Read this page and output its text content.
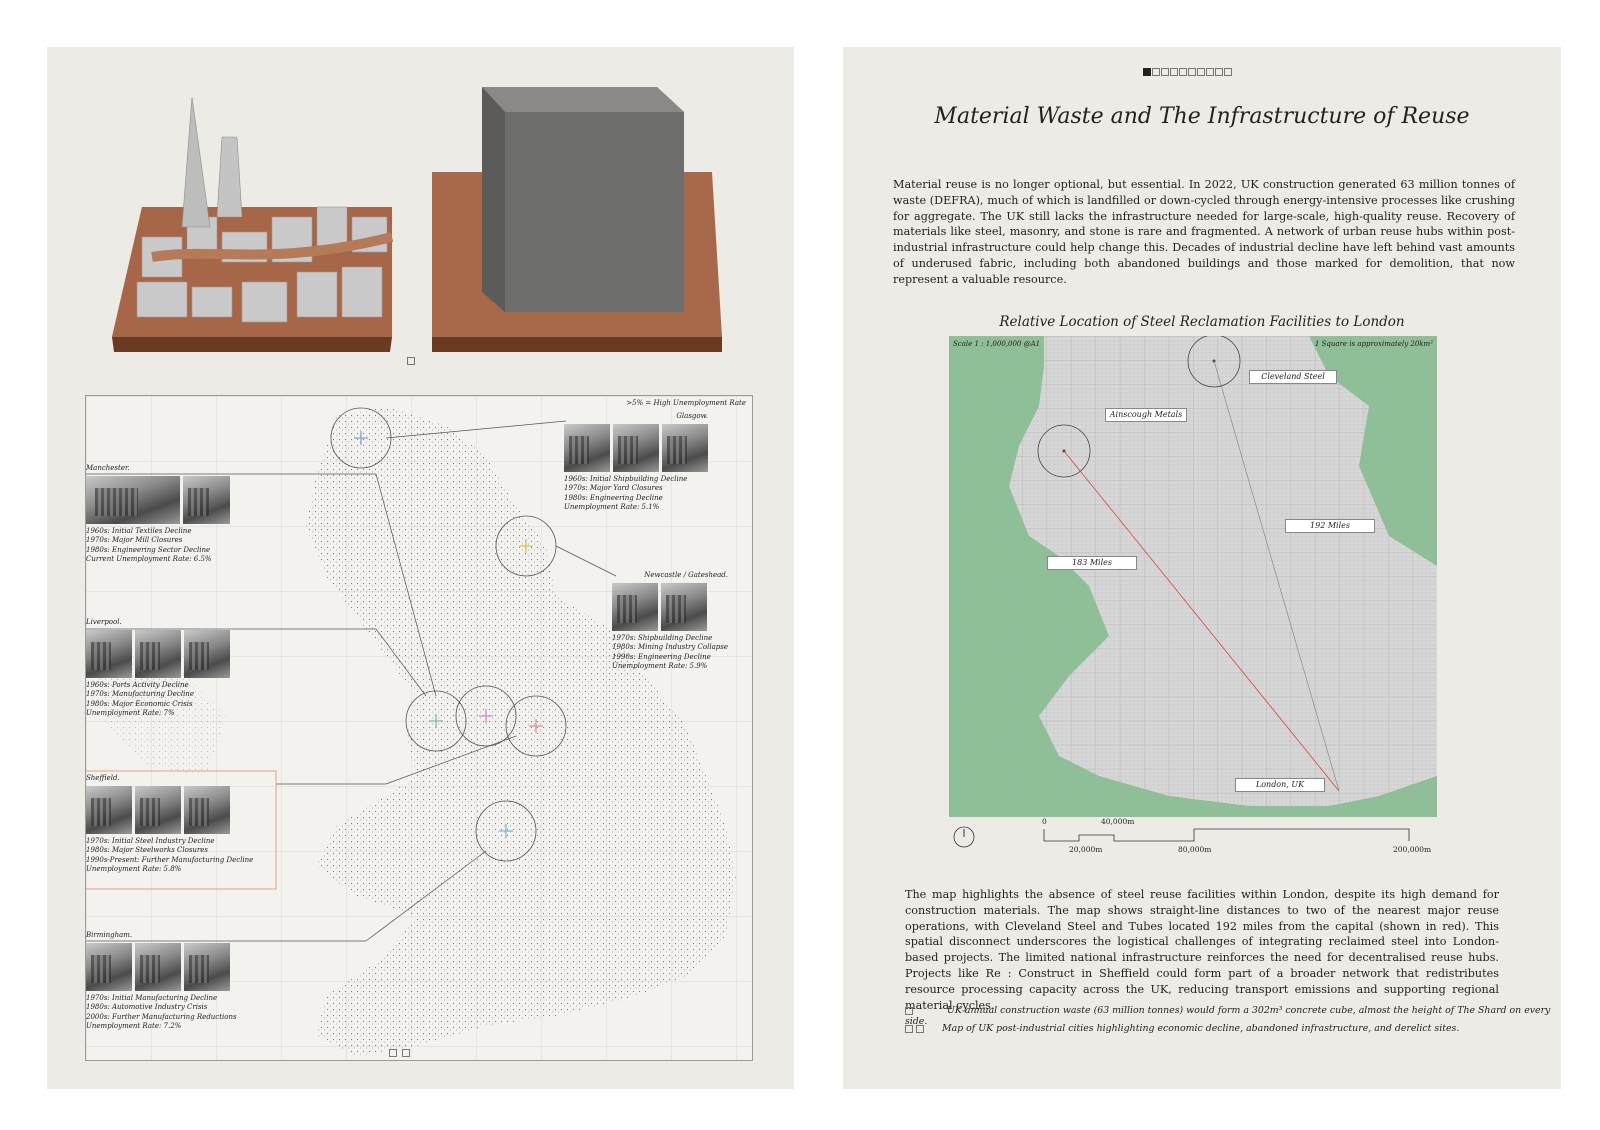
>5% = High Unemployment Rate
Glasgow.
1960s: Initial Shipbuilding Decline
1970s: Major Yard Closures
1980s: Engineering Decline
Unemployment Rate: 5.1%
Manchester.
1960s: Initial Textiles Decline
1970s: Major Mill Closures
1980s: Engineering Sector Decline
Current Unemployment Rate: 6.5%
Newcastle / Gateshead.
1970s: Shipbuilding Decline
1980s: Mining Industry Collapse
1990s: Engineering Decline
Unemployment Rate: 5.9%
Liverpool.
1960s: Ports Activity Decline
1970s: Manufacturing Decline
1980s: Major Economic Crisis
Unemployment Rate: 7%
Sheffield.
1970s: Initial Steel Industry Decline
1980s: Major Steelworks Closures
1990s-Present: Further Manufacturing Decline
Unemployment Rate: 5.8%
Birmingham.
1970s: Initial Manufacturing Decline
1980s: Automotive Industry Crisis
2000s: Further Manufacturing Reductions
Unemployment Rate: 7.2%

Material Waste and The Infrastructure of Reuse
Material reuse is no longer optional, but essential. In 2022, UK construction generated 63 million tonnes of waste (DEFRA), much of which is landfilled or down-cycled through energy-intensive processes like crushing for aggregate. The UK still lacks the infrastructure needed for large-scale, high-quality reuse. Recovery of materials like steel, masonry, and stone is rare and fragmented. A network of urban reuse hubs within post-industrial infrastructure could help change this. Decades of industrial decline have left behind vast amounts of underused fabric, including both abandoned buildings and those marked for demolition, that now represent a valuable resource.
Relative Location of Steel Reclamation Facilities to London
Scale 1 : 1,000,000 @A1	1 Square is approximately 20km²
Cleveland Steel
Ainscough Metals
192 Miles
183 Miles
London, UK
0	40,000m
20,000m	80,000m	200,000m
The map highlights the absence of steel reuse facilities within London, despite its high demand for construction materials. The map shows straight-line distances to two of the nearest major reuse operations, with Cleveland Steel and Tubes located 192 miles from the capital (shown in red). This spatial disconnect underscores the logistical challenges of integrating reclaimed steel into London-based projects. The limited national infrastructure reinforces the need for decentralised reuse hubs. Projects like Re : Construct in Sheffield could form part of a broader network that redistributes resource processing capacity across the UK, reducing transport emissions and supporting regional material cycles.
UK annual construction waste (63 million tonnes) would form a 302m³ concrete cube, almost the height of The Shard on every side.
Map of UK post-industrial cities highlighting economic decline, abandoned infrastructure, and derelict sites.
